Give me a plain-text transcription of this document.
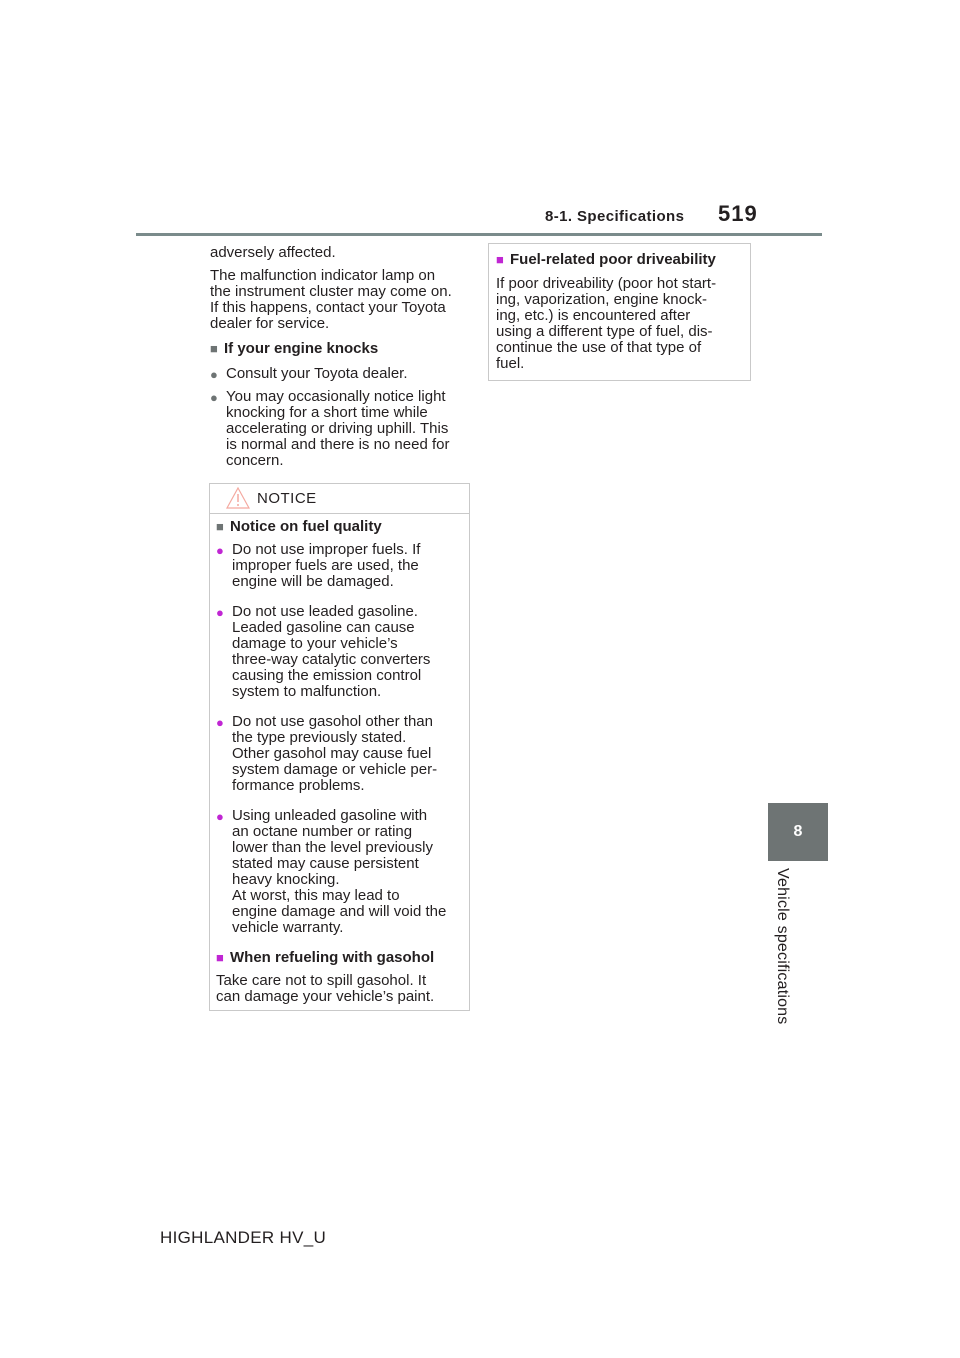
8-1. Specifications 519
8
Vehicle specifications

adversely affected.

The malfunction indicator lamp on
the instrument cluster may come on.
If this happens, contact your Toyota
dealer for service.

■ If your engine knocks
● Consult your Toyota dealer.
● You may occasionally notice light
knocking for a short time while
accelerating or driving uphill. This
is normal and there is no need for
concern.
NOTICE
■ Notice on fuel quality
● Do not use improper fuels. If
improper fuels are used, the
engine will be damaged.
● Do not use leaded gasoline.
Leaded gasoline can cause
damage to your vehicle’s
three-way catalytic converters
causing the emission control
system to malfunction.
● Do not use gasohol other than
the type previously stated.
Other gasohol may cause fuel
system damage or vehicle per-
formance problems.
● Using unleaded gasoline with
an octane number or rating
lower than the level previously
stated may cause persistent
heavy knocking.
At worst, this may lead to
engine damage and will void the
vehicle warranty.
■ When refueling with gasohol

Take care not to spill gasohol. It
can damage your vehicle’s paint.

■ Fuel-related poor driveability

If poor driveability (poor hot start-
ing, vaporization, engine knock-
ing, etc.) is encountered after
using a different type of fuel, dis-
continue the use of that type of
fuel.

HIGHLANDER HV_U
